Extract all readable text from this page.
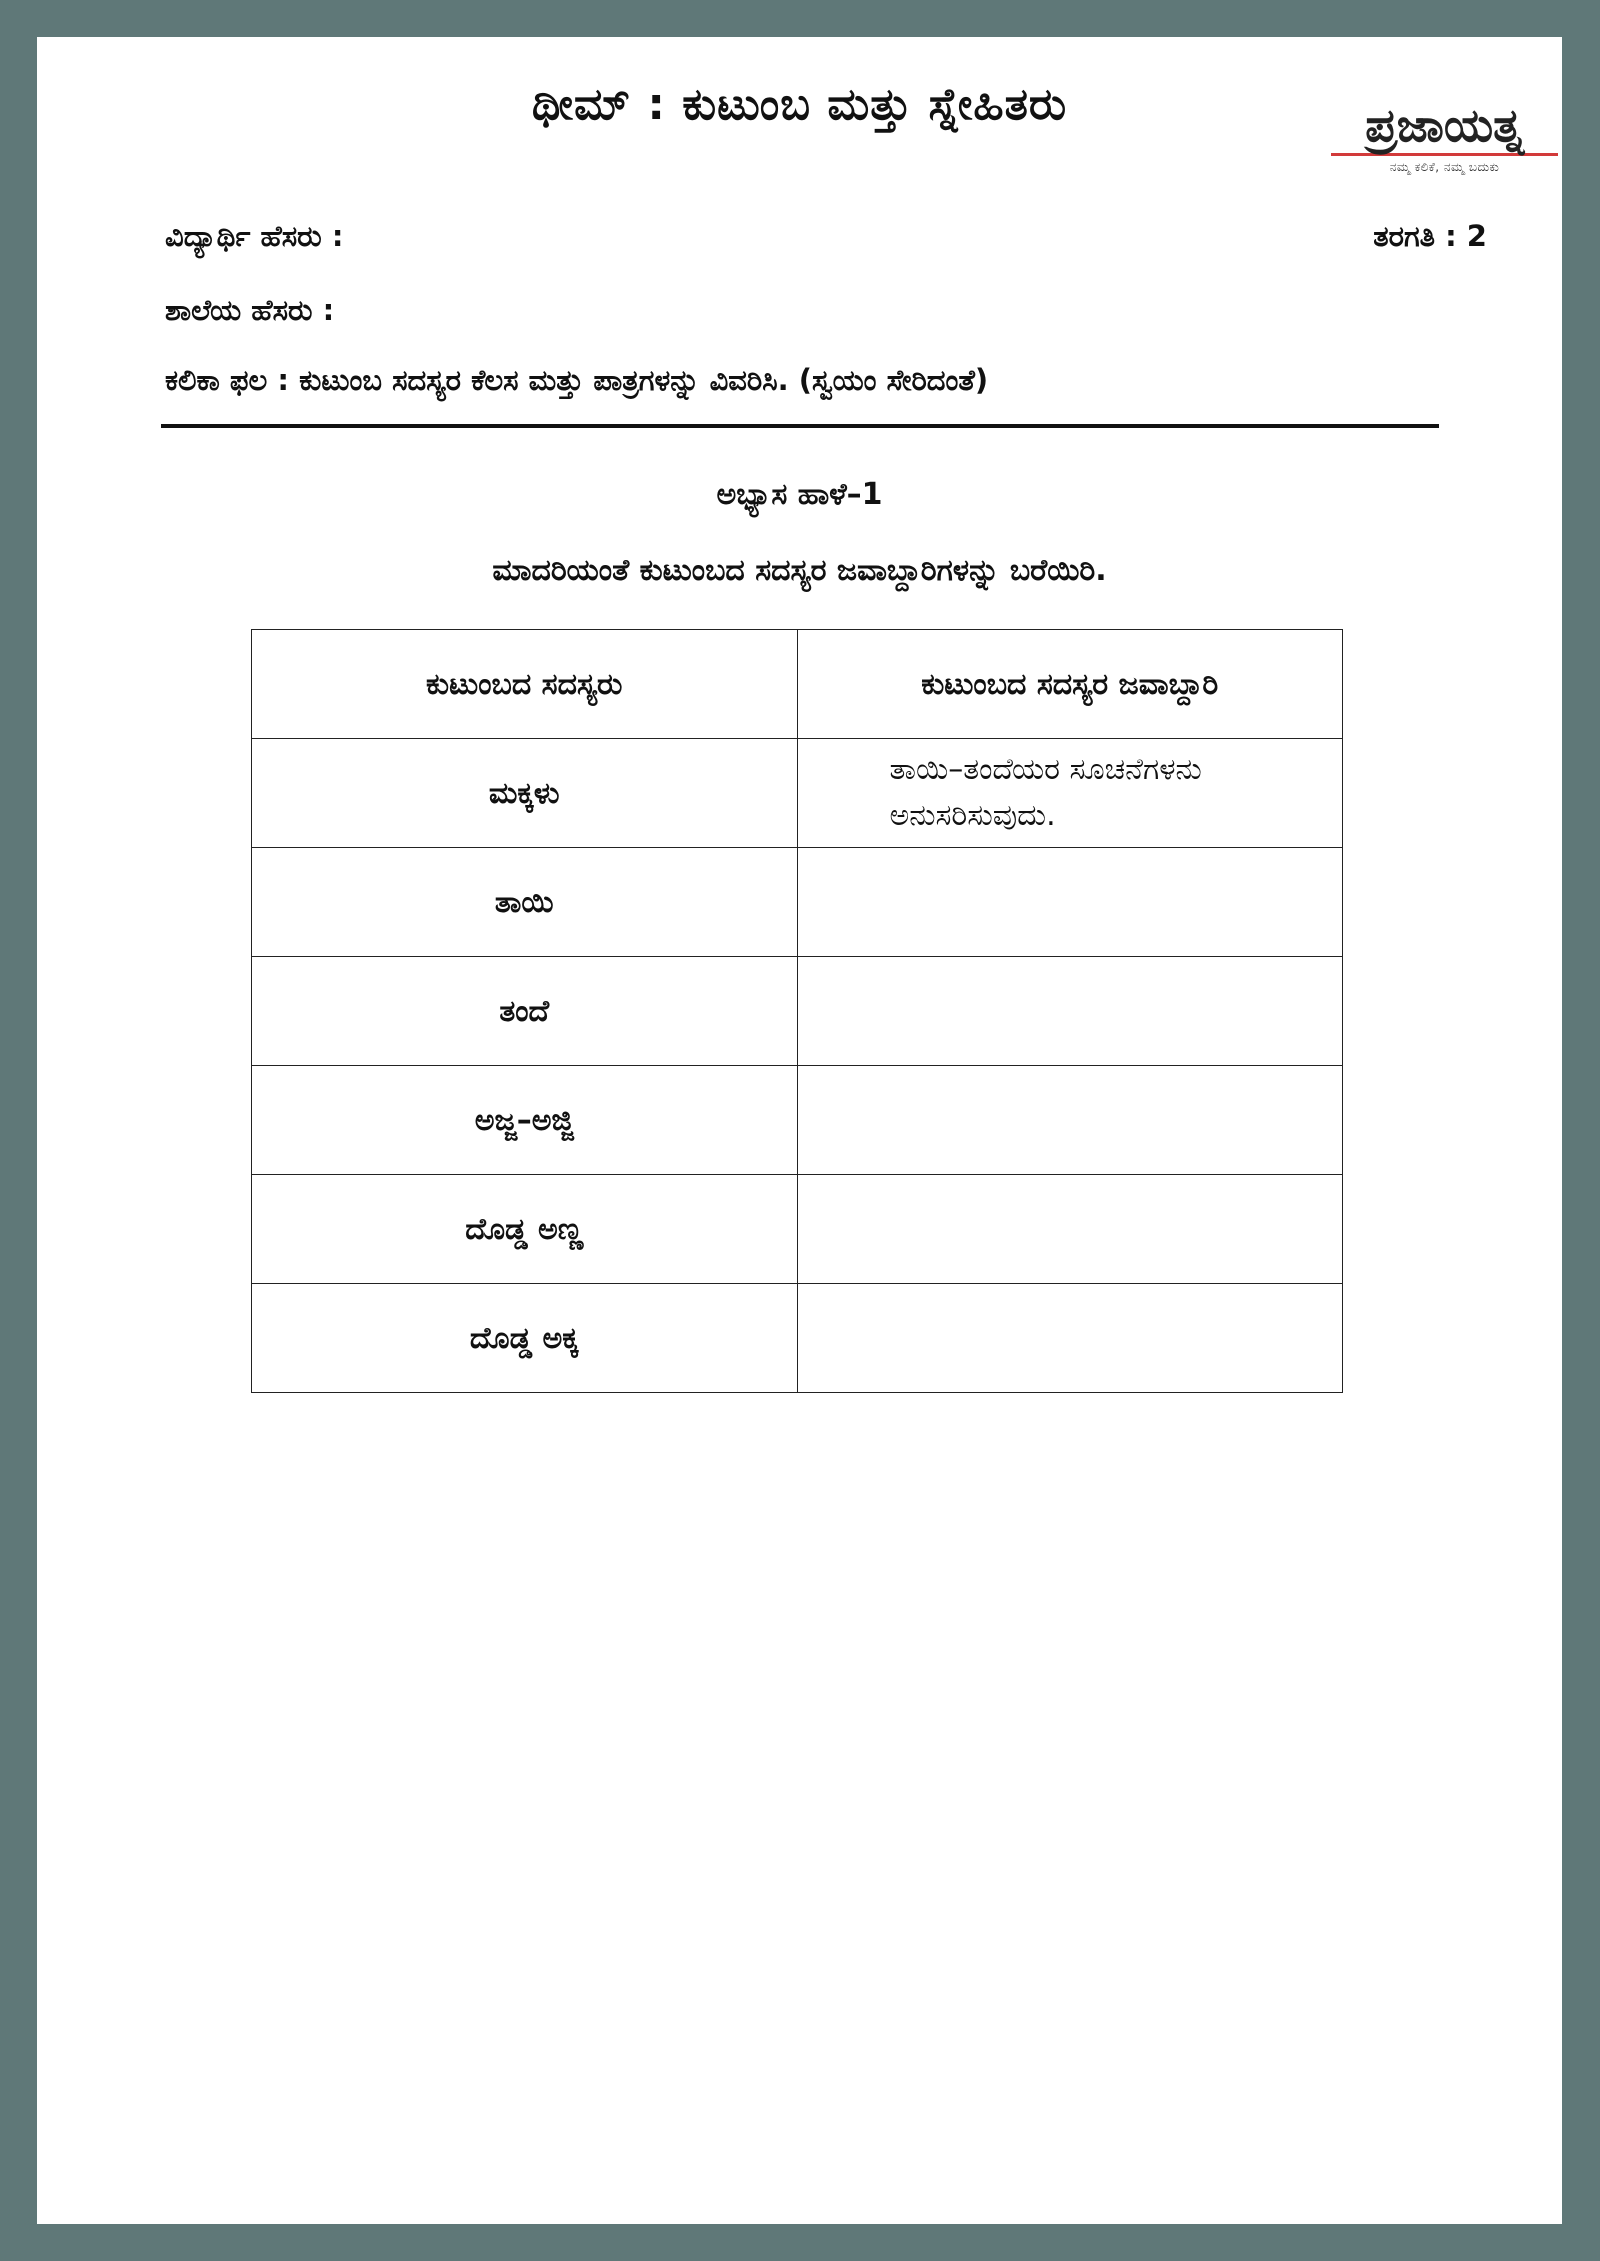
ಥೀಮ್ : ಕುಟುಂಬ ಮತ್ತು ಸ್ನೇಹಿತರು	ಪ್ರಜಾಯತ್ನ
ನಮ್ಮ ಕಲಿಕೆ, ನಮ್ಮ ಬದುಕು
ವಿದ್ಯಾರ್ಥಿ ಹೆಸರು :	ತರಗತಿ : 2
ಶಾಲೆಯ ಹೆಸರು :
ಕಲಿಕಾ ಫಲ : ಕುಟುಂಬ ಸದಸ್ಯರ ಕೆಲಸ ಮತ್ತು ಪಾತ್ರಗಳನ್ನು ವಿವರಿಸಿ. (ಸ್ವಯಂ ಸೇರಿದಂತೆ)
ಅಭ್ಯಾಸ ಹಾಳೆ–1
ಮಾದರಿಯಂತೆ ಕುಟುಂಬದ ಸದಸ್ಯರ ಜವಾಬ್ದಾರಿಗಳನ್ನು ಬರೆಯಿರಿ.
ಕುಟುಂಬದ ಸದಸ್ಯರು	ಕುಟುಂಬದ ಸದಸ್ಯರ ಜವಾಬ್ದಾರಿ
ಮಕ್ಕಳು	ತಾಯಿ–ತಂದೆಯರ ಸೂಚನೆಗಳನು ಅನುಸರಿಸುವುದು.
ತಾಯಿ	
ತಂದೆ	
ಅಜ್ಜ–ಅಜ್ಜಿ	
ದೊಡ್ಡ ಅಣ್ಣ	
ದೊಡ್ಡ ಅಕ್ಕ	
